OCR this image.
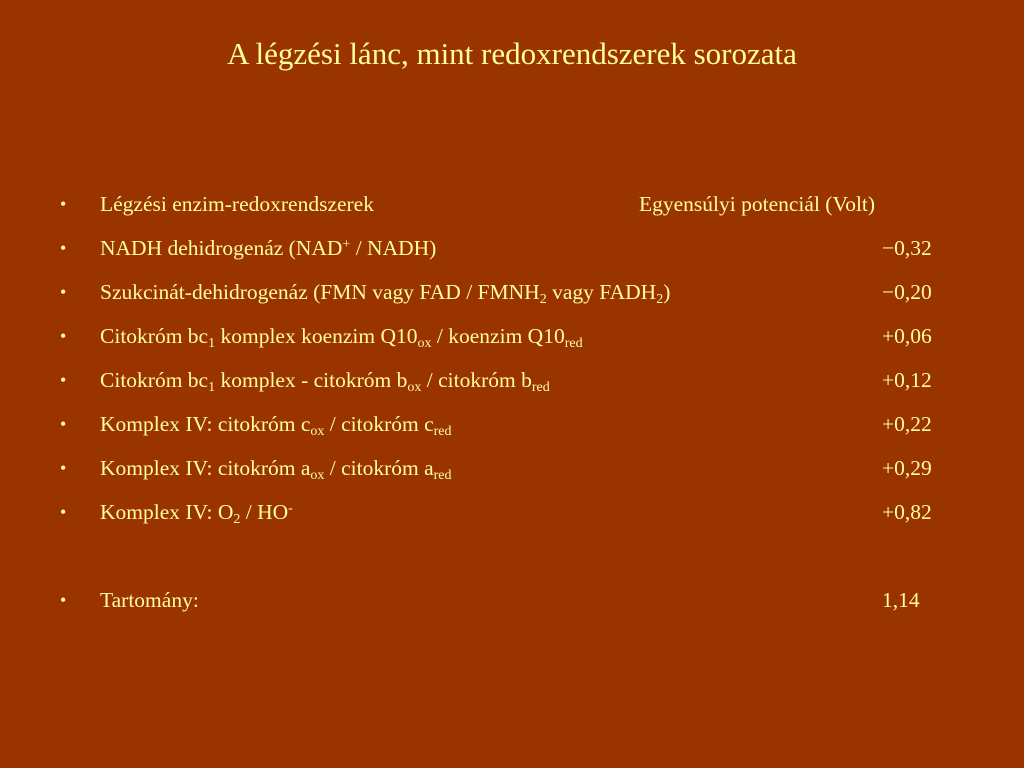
A légzési lánc, mint redoxrendszerek sorozata
• Légzési enzim-redoxrendszerek	Egyensúlyi potenciál (Volt)
• NADH dehidrogenáz (NAD+ / NADH)	−0,32
• Szukcinát-dehidrogenáz (FMN vagy FAD / $FMNH_2$ vagy $FADH_2$)	−0,20
• Citokróm $bc_1$ komplex koenzim $Q10_{ox}$ / koenzim $Q10_{red}$	+0,06
• Citokróm $bc_1$ komplex - citokróm $b_{ox}$ / citokróm $b_{red}$	+0,12
• Komplex IV: citokróm $c_{ox}$ / citokróm $c_{red}$	+0,22
• Komplex IV: citokróm $a_{ox}$ / citokróm $a_{red}$	+0,29
• Komplex IV: $O_2 / HO^-$	+0,82
• Tartomány:	1,14
